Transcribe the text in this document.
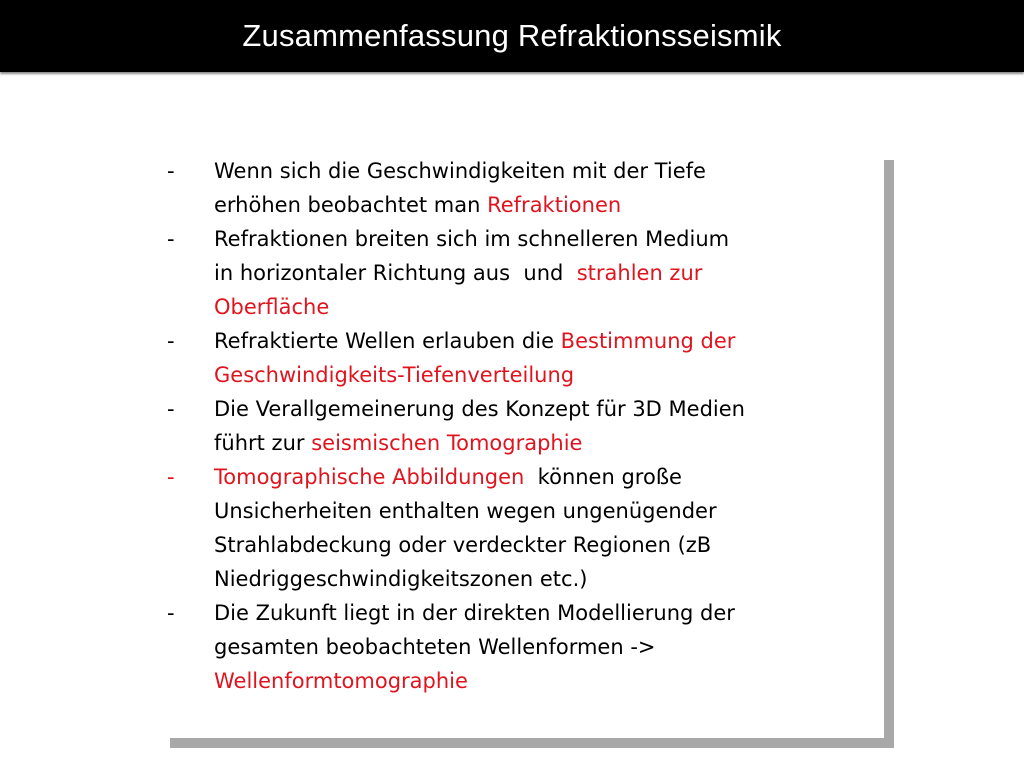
Zusammenfassung Refraktionsseismik
- Wenn sich die Geschwindigkeiten mit der Tiefe
erhöhen beobachtet man Refraktionen
- Refraktionen breiten sich im schnelleren Medium
in horizontaler Richtung aus  und  strahlen zur
Oberfläche
- Refraktierte Wellen erlauben die Bestimmung der
Geschwindigkeits-Tiefenverteilung
- Die Verallgemeinerung des Konzept für 3D Medien
führt zur seismischen Tomographie
- Tomographische Abbildungen  können große
Unsicherheiten enthalten wegen ungenügender
Strahlabdeckung oder verdeckter Regionen (zB
Niedriggeschwindigkeitszonen etc.)
- Die Zukunft liegt in der direkten Modellierung der
gesamten beobachteten Wellenformen ->
Wellenformtomographie
